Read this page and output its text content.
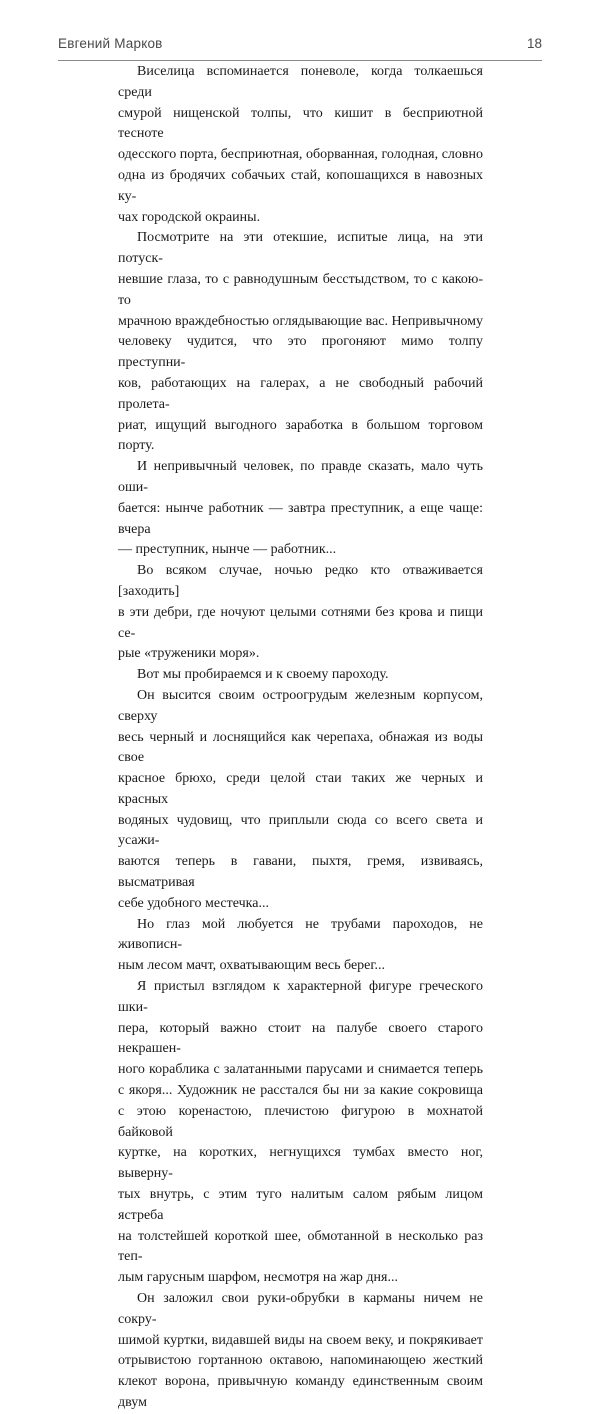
Евгений Марков	18

Виселица вспоминается поневоле, когда толкаешься среди
смурой нищенской толпы, что кишит в бесприютной тесноте
одесского порта, бесприютная, оборванная, голодная, словно
одна из бродячих собачьих стай, копошащихся в навозных ку-
чах городской окраины.

Посмотрите на эти отекшие, испитые лица, на эти потуск-
невшие глаза, то с равнодушным бесстыдством, то с какою-то
мрачною враждебностью оглядывающие вас. Непривычному
человеку чудится, что это прогоняют мимо толпу преступни-
ков, работающих на галерах, а не свободный рабочий пролета-
риат, ищущий выгодного заработка в большом торговом порту.

И непривычный человек, по правде сказать, мало чуть оши-
бается: нынче работник — завтра преступник, а еще чаще: вчера
— преступник, нынче — работник...

Во всяком случае, ночью редко кто отваживается [заходить]
в эти дебри, где ночуют целыми сотнями без крова и пищи се-
рые «труженики моря».

Вот мы пробираемся и к своему пароходу.

Он высится своим остроогрудым железным корпусом, сверху
весь черный и лоснящийся как черепаха, обнажая из воды свое
красное брюхо, среди целой стаи таких же черных и красных
водяных чудовищ, что приплыли сюда со всего света и усажи-
ваются теперь в гавани, пыхтя, гремя, извиваясь, высматривая
себе удобного местечка...

Но глаз мой любуется не трубами пароходов, не живописн-
ным лесом мачт, охватывающим весь берег...

Я пристыл взглядом к характерной фигуре греческого шки-
пера, который важно стоит на палубе своего старого некрашен-
ного кораблика с залатанными парусами и снимается теперь
с якоря... Художник не расстался бы ни за какие сокровища
с этою коренастою, плечистою фигурою в мохнатой байковой
куртке, на коротких, негнущихся тумбах вместо ног, выверну-
тых внутрь, с этим туго налитым салом рябым лицом ястреба
на толстейшей короткой шее, обмотанной в несколько раз теп-
лым гарусным шарфом, несмотря на жар дня...

Он заложил свои руки-обрубки в карманы ничем не сокру-
шимой куртки, видавшей виды на своем веку, и покрякивает
отрывистою гортанною октавою, напоминающею жесткий
клекот ворона, привычную команду единственным своим двум
